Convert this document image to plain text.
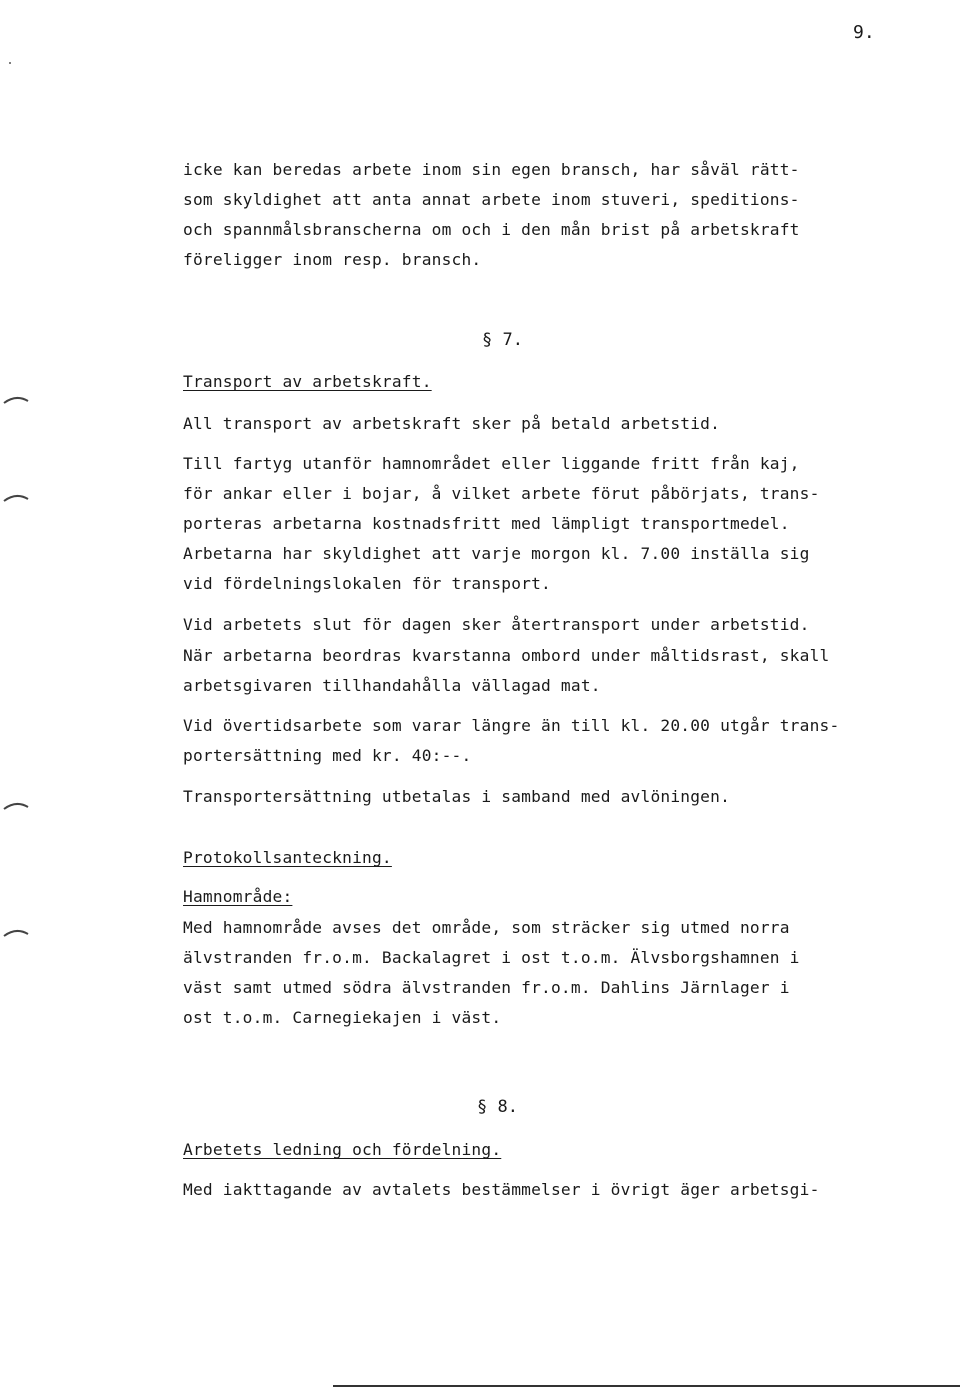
9.
icke kan beredas arbete inom sin egen bransch, har såväl rätt-
som skyldighet att anta annat arbete inom stuveri, speditions-
och spannmålsbranscherna om och i den mån brist på arbetskraft
föreligger inom resp. bransch.
§ 7.
Transport av arbetskraft.
All transport av arbetskraft sker på betald arbetstid.
Till fartyg utanför hamnområdet eller liggande fritt från kaj,
för ankar eller i bojar, å vilket arbete förut påbörjats, trans-
porteras arbetarna kostnadsfritt med lämpligt transportmedel.
Arbetarna har skyldighet att varje morgon kl. 7.00 inställa sig
vid fördelningslokalen för transport.
Vid arbetets slut för dagen sker återtransport under arbetstid.
När arbetarna beordras kvarstanna ombord under måltidsrast, skall
arbetsgivaren tillhandahålla vällagad mat.
Vid övertidsarbete som varar längre än till kl. 20.00 utgår trans-
portersättning med kr. 40:--.
Transportersättning utbetalas i samband med avlöningen.
Protokollsanteckning.
Hamnområde:
Med hamnområde avses det område, som sträcker sig utmed norra
älvstranden fr.o.m. Backalagret i ost t.o.m. Älvsborgshamnen i
väst samt utmed södra älvstranden fr.o.m. Dahlins Järnlager i
ost t.o.m. Carnegiekajen i väst.
§ 8.
Arbetets ledning och fördelning.
Med iakttagande av avtalets bestämmelser i övrigt äger arbetsgi-
